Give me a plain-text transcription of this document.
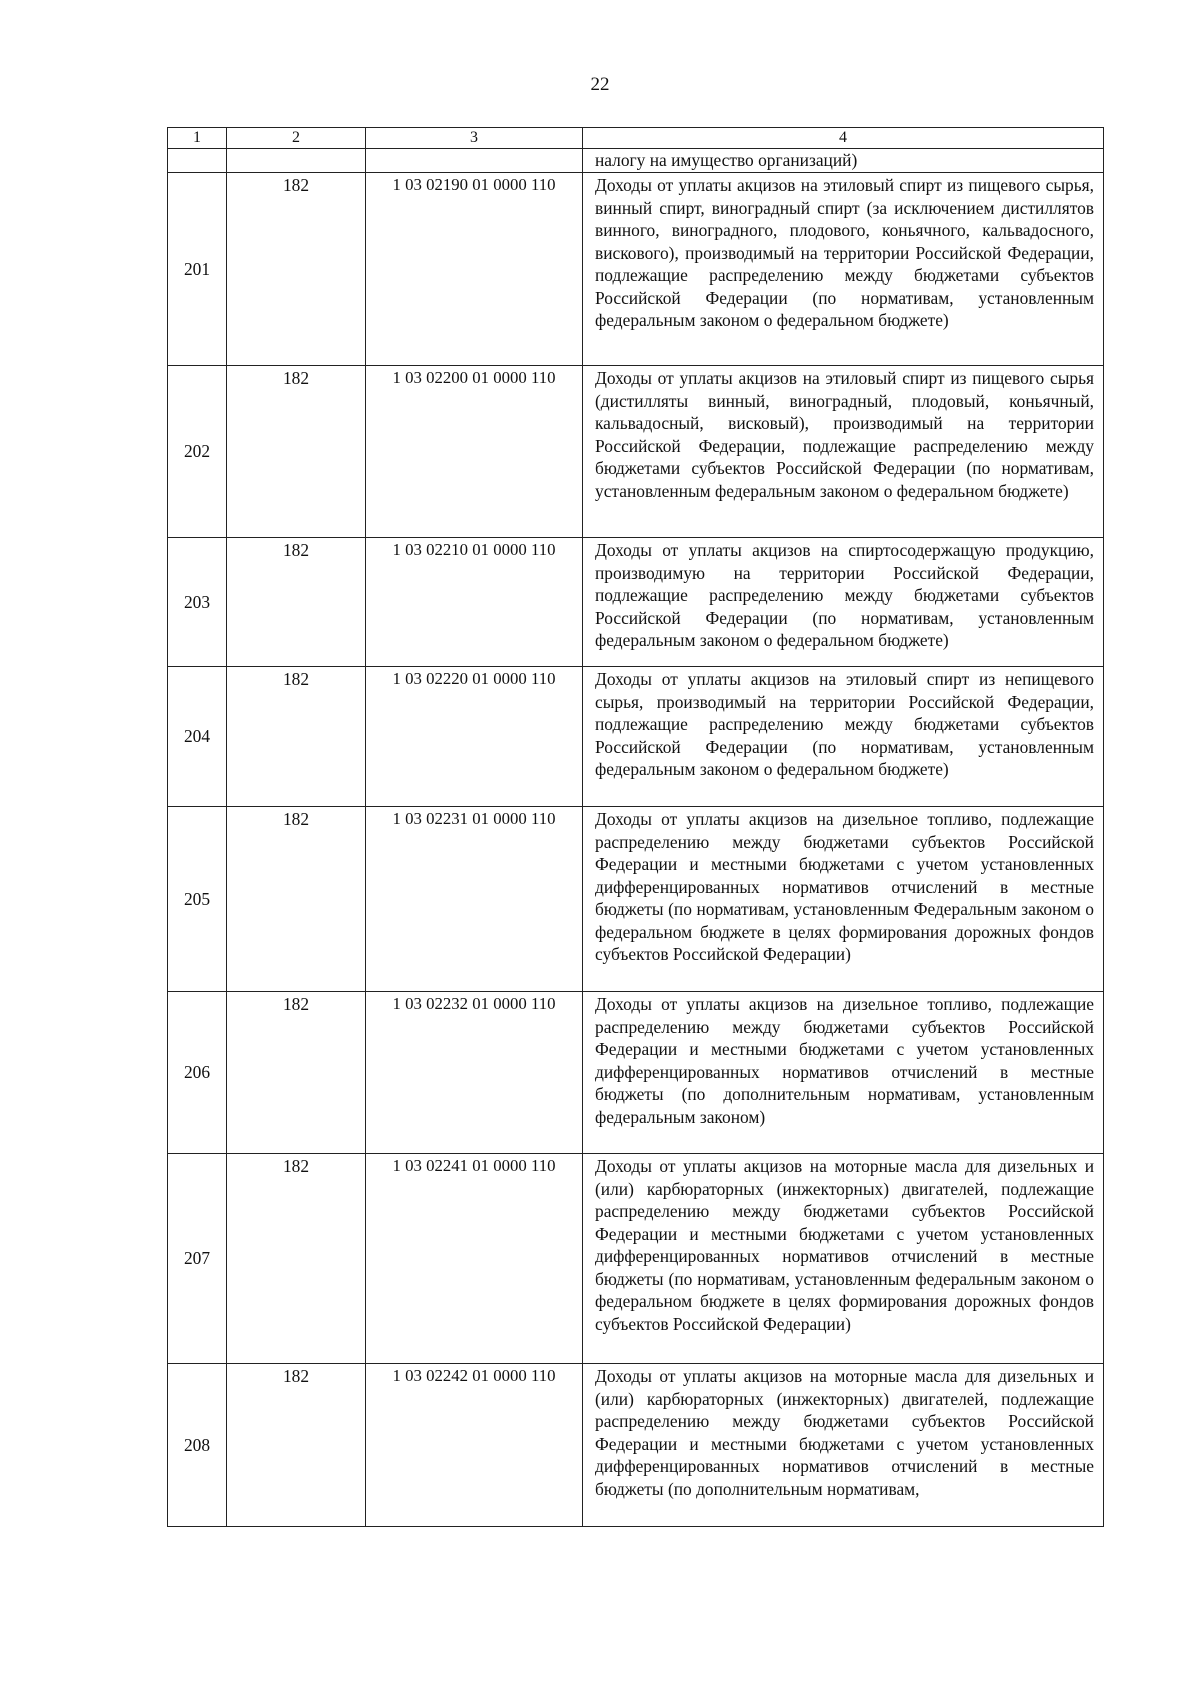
22
1	2	3	4
			налогу на имущество организаций)
201	182	1 03 02190 01 0000 110	Доходы от уплаты акцизов на этиловый спирт из пищевого сырья, винный спирт, виноградный спирт (за исключением дистиллятов винного, виноградного, плодового, коньячного, кальвадосного, вискового), производимый на территории Российской Федерации, подлежащие распределению между бюджетами субъектов Российской Федерации (по нормативам, установленным федеральным законом о федеральном бюджете)
202	182	1 03 02200 01 0000 110	Доходы от уплаты акцизов на этиловый спирт из пищевого сырья (дистилляты винный, виноградный, плодовый, коньячный, кальвадосный, висковый), производимый на территории Российской Федерации, подлежащие распределению между бюджетами субъектов Российской Федерации (по нормативам, установленным федеральным законом о федеральном бюджете)
203	182	1 03 02210 01 0000 110	Доходы от уплаты акцизов на спиртосодержащую продукцию, производимую на территории Российской Федерации, подлежащие распределению между бюджетами субъектов Российской Федерации (по нормативам, установленным федеральным законом о федеральном бюджете)
204	182	1 03 02220 01 0000 110	Доходы от уплаты акцизов на этиловый спирт из непищевого сырья, производимый на территории Российской Федерации, подлежащие распределению между бюджетами субъектов Российской Федерации (по нормативам, установленным федеральным законом о федеральном бюджете)
205	182	1 03 02231 01 0000 110	Доходы от уплаты акцизов на дизельное топливо, подлежащие распределению между бюджетами субъектов Российской Федерации и местными бюджетами с учетом установленных дифференцированных нормативов отчислений в местные бюджеты (по нормативам, установленным Федеральным законом о федеральном бюджете в целях формирования дорожных фондов субъектов Российской Федерации)
206	182	1 03 02232 01 0000 110	Доходы от уплаты акцизов на дизельное топливо, подлежащие распределению между бюджетами субъектов Российской Федерации и местными бюджетами с учетом установленных дифференцированных нормативов отчислений в местные бюджеты (по дополнительным нормативам, установленным федеральным законом)
207	182	1 03 02241 01 0000 110	Доходы от уплаты акцизов на моторные масла для дизельных и (или) карбюраторных (инжекторных) двигателей, подлежащие распределению между бюджетами субъектов Российской Федерации и местными бюджетами с учетом установленных дифференцированных нормативов отчислений в местные бюджеты (по нормативам, установленным федеральным законом о федеральном бюджете в целях формирования дорожных фондов субъектов Российской Федерации)
208	182	1 03 02242 01 0000 110	Доходы от уплаты акцизов на моторные масла для дизельных и (или) карбюраторных (инжекторных) двигателей, подлежащие распределению между бюджетами субъектов Российской Федерации и местными бюджетами с учетом установленных дифференцированных нормативов отчислений в местные бюджеты (по дополнительным нормативам,
